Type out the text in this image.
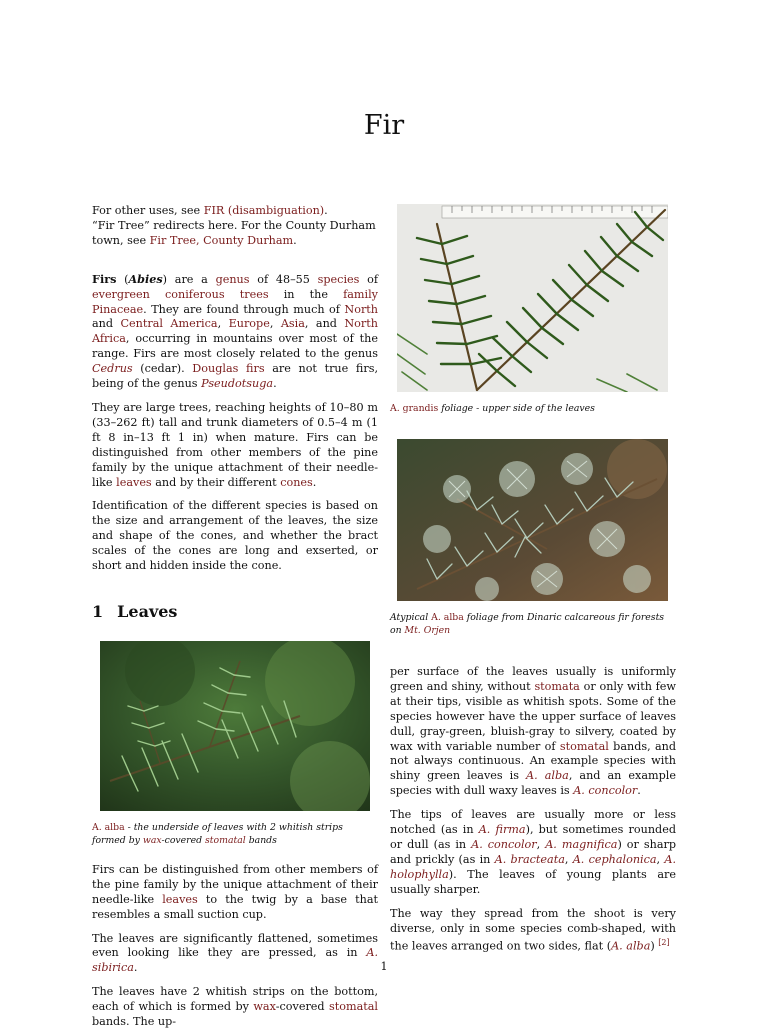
Fir

For other uses, see FIR (disambiguation).

“Fir Tree” redirects here. For the County Durham town, see Fir Tree, County Durham.

Firs (Abies) are a genus of 48–55 species of evergreen coniferous trees in the family Pinaceae. They are found through much of North and Central America, Europe, Asia, and North Africa, occurring in mountains over most of the range. Firs are most closely related to the genus Cedrus (cedar). Douglas firs are not true firs, being of the genus Pseudotsuga.

They are large trees, reaching heights of 10–80 m (33–262 ft) tall and trunk diameters of 0.5–4 m (1 ft 8 in–13 ft 1 in) when mature. Firs can be distinguished from other members of the pine family by the unique attachment of their needle-like leaves and by their different cones.

Identification of the different species is based on the size and arrangement of the leaves, the size and shape of the cones, and whether the bract scales of the cones are long and exserted, or short and hidden inside the cone.

1 Leaves

A. alba - the underside of leaves with 2 whitish strips formed by wax-covered stomatal bands

Firs can be distinguished from other members of the pine family by the unique attachment of their needle-like leaves to the twig by a base that resembles a small suction cup.

The leaves are significantly flattened, sometimes even looking like they are pressed, as in A. sibirica.

The leaves have 2 whitish strips on the bottom, each of which is formed by wax-covered stomatal bands. The up-

A. grandis foliage - upper side of the leaves

Atypical A. alba foliage from Dinaric calcareous fir forests on Mt. Orjen

per surface of the leaves usually is uniformly green and shiny, without stomata or only with few at their tips, visible as whitish spots. Some of the species however have the upper surface of leaves dull, gray-green, bluish-gray to silvery, coated by wax with variable number of stomatal bands, and not always continuous. An example species with shiny green leaves is A. alba, and an example species with dull waxy leaves is A. concolor.

The tips of leaves are usually more or less notched (as in A. firma), but sometimes rounded or dull (as in A. concolor, A. magnifica) or sharp and prickly (as in A. bracteata, A. cephalonica, A. holophylla). The leaves of young plants are usually sharper.

The way they spread from the shoot is very diverse, only in some species comb-shaped, with the leaves arranged on two sides, flat (A. alba) [2]

1
